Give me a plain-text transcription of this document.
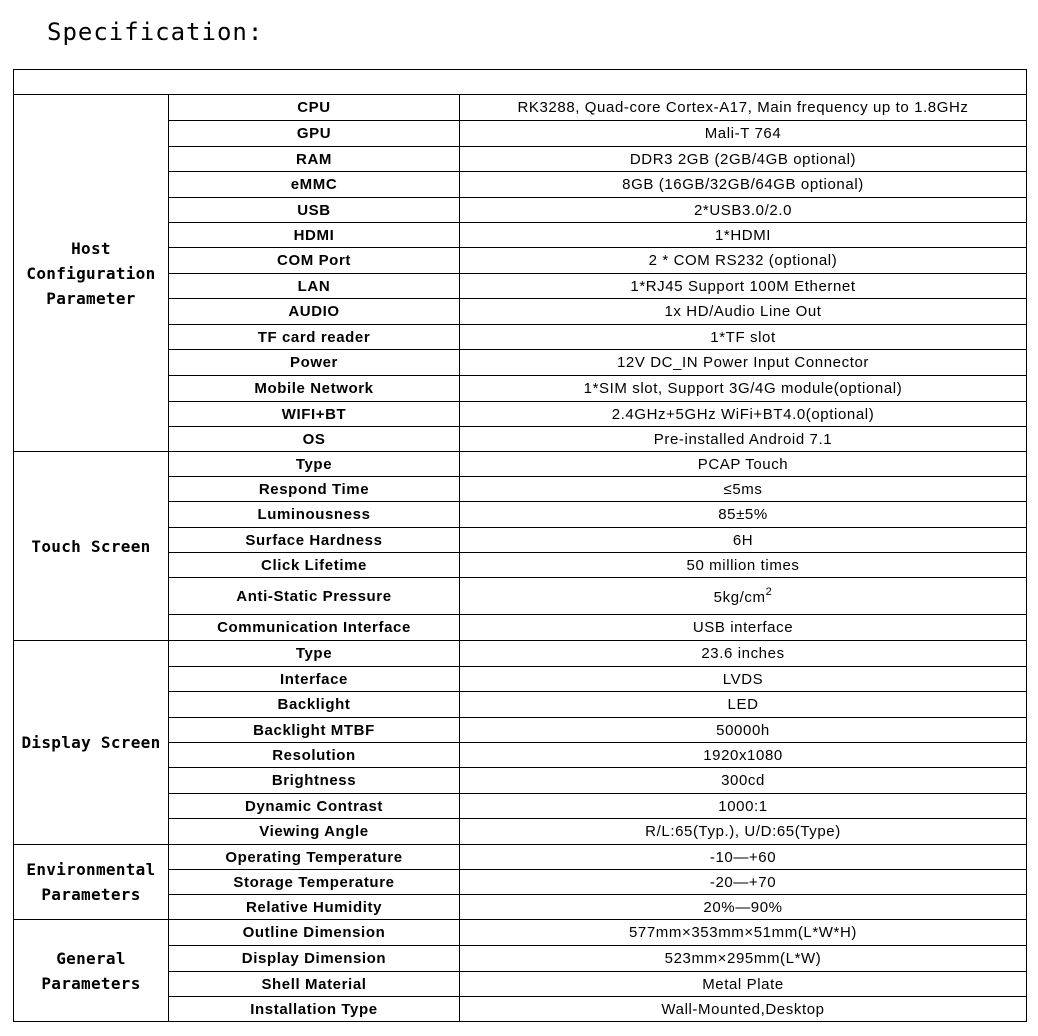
Specification:

Host Configuration Parameter	CPU	RK3288, Quad-core Cortex-A17, Main frequency up to 1.8GHz
	GPU	Mali-T 764
	RAM	DDR3 2GB (2GB/4GB optional)
	eMMC	8GB (16GB/32GB/64GB optional)
	USB	2*USB3.0/2.0
	HDMI	1*HDMI
	COM Port	2 * COM RS232 (optional)
	LAN	1*RJ45 Support 100M Ethernet
	AUDIO	1x HD/Audio Line Out
	TF card reader	1*TF slot
	Power	12V DC_IN Power Input Connector
	Mobile Network	1*SIM slot, Support 3G/4G module(optional)
	WIFI+BT	2.4GHz+5GHz WiFi+BT4.0(optional)
	OS	Pre-installed Android 7.1
Touch Screen	Type	PCAP Touch
	Respond Time	≤5ms
	Luminousness	85±5%
	Surface Hardness	6H
	Click Lifetime	50 million times
	Anti-Static Pressure	$5kg/cm^2$
	Communication Interface	USB interface
Display Screen	Type	23.6 inches
	Interface	LVDS
	Backlight	LED
	Backlight MTBF	50000h
	Resolution	1920x1080
	Brightness	300cd
	Dynamic Contrast	1000:1
	Viewing Angle	R/L:65(Typ.), U/D:65(Type)
Environmental Parameters	Operating Temperature	-10—+60
	Storage Temperature	-20—+70
	Relative Humidity	20%—90%
General Parameters	Outline Dimension	577mm×353mm×51mm(L*W*H)
	Display Dimension	523mm×295mm(L*W)
	Shell Material	Metal Plate
	Installation Type	Wall-Mounted,Desktop
